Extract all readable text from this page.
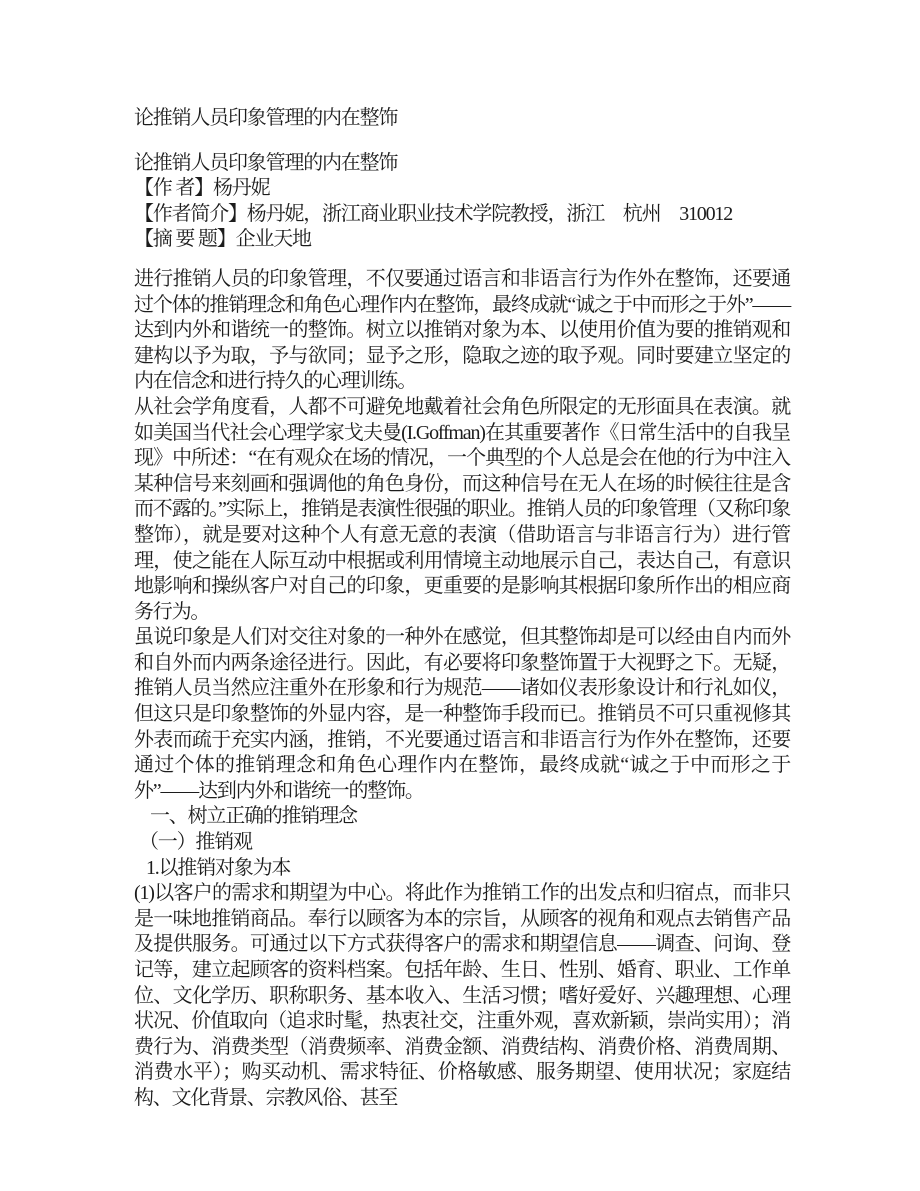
论推销人员印象管理的内在整饰
论推销人员印象管理的内在整饰
【作 者】杨丹妮
【作者简介】杨丹妮，浙江商业职业技术学院教授，浙江　杭州　310012
【摘 要 题】企业天地
进行推销人员的印象管理，不仅要通过语言和非语言行为作外在整饰，还要通过个体的推销理念和角色心理作内在整饰，最终成就“诚之于中而形之于外”——达到内外和谐统一的整饰。树立以推销对象为本、以使用价值为要的推销观和建构以予为取，予与欲同；显予之形，隐取之迹的取予观。同时要建立坚定的内在信念和进行持久的心理训练。
从社会学角度看，人都不可避免地戴着社会角色所限定的无形面具在表演。就如美国当代社会心理学家戈夫曼(I.Goffman)在其重要著作《日常生活中的自我呈现》中所述：“在有观众在场的情况，一个典型的个人总是会在他的行为中注入某种信号来刻画和强调他的角色身份，而这种信号在无人在场的时候往往是含而不露的。”实际上，推销是表演性很强的职业。推销人员的印象管理（又称印象整饰），就是要对这种个人有意无意的表演（借助语言与非语言行为）进行管理，使之能在人际互动中根据或利用情境主动地展示自己，表达自己，有意识地影响和操纵客户对自己的印象，更重要的是影响其根据印象所作出的相应商务行为。
虽说印象是人们对交往对象的一种外在感觉，但其整饰却是可以经由自内而外和自外而内两条途径进行。因此，有必要将印象整饰置于大视野之下。无疑，推销人员当然应注重外在形象和行为规范——诸如仪表形象设计和行礼如仪，但这只是印象整饰的外显内容，是一种整饰手段而已。推销员不可只重视修其外表而疏于充实内涵，推销，不光要通过语言和非语言行为作外在整饰，还要通过个体的推销理念和角色心理作内在整饰，最终成就“诚之于中而形之于外”——达到内外和谐统一的整饰。
一、树立正确的推销理念
（一）推销观
1.以推销对象为本
(1)以客户的需求和期望为中心。将此作为推销工作的出发点和归宿点，而非只是一味地推销商品。奉行以顾客为本的宗旨，从顾客的视角和观点去销售产品及提供服务。可通过以下方式获得客户的需求和期望信息——调查、问询、登记等，建立起顾客的资料档案。包括年龄、生日、性别、婚育、职业、工作单位、文化学历、职称职务、基本收入、生活习惯；嗜好爱好、兴趣理想、心理状况、价值取向（追求时髦，热衷社交，注重外观，喜欢新颖，崇尚实用）；消费行为、消费类型（消费频率、消费金额、消费结构、消费价格、消费周期、消费水平）；购买动机、需求特征、价格敏感、服务期望、使用状况；家庭结构、文化背景、宗教风俗、甚至
